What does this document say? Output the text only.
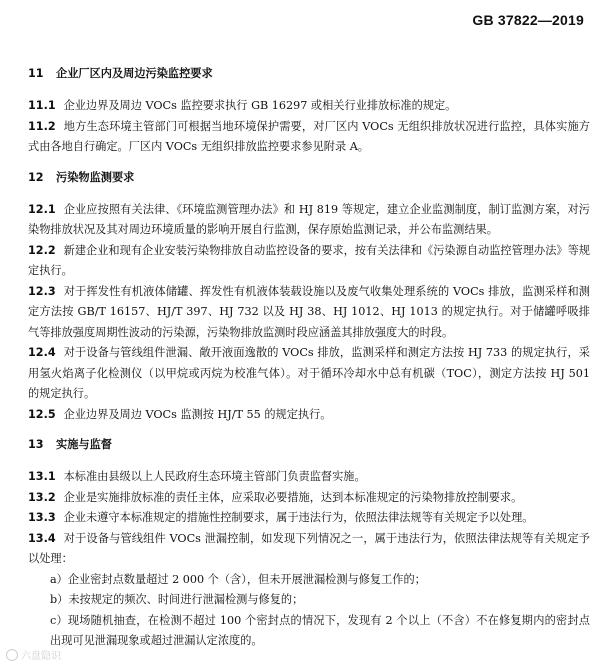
GB 37822—2019
11 企业厂区内及周边污染监控要求

11.1 企业边界及周边 VOCs 监控要求执行 GB 16297 或相关行业排放标准的规定。

11.2 地方生态环境主管部门可根据当地环境保护需要，对厂区内 VOCs 无组织排放状况进行监控，具体实施方式由各地自行确定。厂区内 VOCs 无组织排放监控要求参见附录 A。

12 污染物监测要求

12.1 企业应按照有关法律、《环境监测管理办法》和 HJ 819 等规定，建立企业监测制度，制订监测方案，对污染物排放状况及其对周边环境质量的影响开展自行监测，保存原始监测记录，并公布监测结果。

12.2 新建企业和现有企业安装污染物排放自动监控设备的要求，按有关法律和《污染源自动监控管理办法》等规定执行。

12.3 对于挥发性有机液体储罐、挥发性有机液体装载设施以及废气收集处理系统的 VOCs 排放，监测采样和测定方法按 GB/T 16157、HJ/T 397、HJ 732 以及 HJ 38、HJ 1012、HJ 1013 的规定执行。对于储罐呼吸排气等排放强度周期性波动的污染源，污染物排放监测时段应涵盖其排放强度大的时段。

12.4 对于设备与管线组件泄漏、敞开液面逸散的 VOCs 排放，监测采样和测定方法按 HJ 733 的规定执行，采用氢火焰离子化检测仪（以甲烷或丙烷为校准气体）。对于循环冷却水中总有机碳（TOC），测定方法按 HJ 501 的规定执行。

12.5 企业边界及周边 VOCs 监测按 HJ/T 55 的规定执行。

13 实施与监督

13.1 本标准由县级以上人民政府生态环境主管部门负责监督实施。

13.2 企业是实施排放标准的责任主体，应采取必要措施，达到本标准规定的污染物排放控制要求。

13.3 企业未遵守本标准规定的措施性控制要求，属于违法行为，依照法律法规等有关规定予以处理。

13.4 对于设备与管线组件 VOCs 泄漏控制，如发现下列情况之一，属于违法行为，依照法律法规等有关规定予以处理：

a）企业密封点数量超过 2 000 个（含），但未开展泄漏检测与修复工作的；

b）未按规定的频次、时间进行泄漏检测与修复的；

c）现场随机抽查，在检测不超过 100 个密封点的情况下，发现有 2 个以上（不含）不在修复期内的密封点出现可见泄漏现象或超过泄漏认定浓度的。

六盘隐识
